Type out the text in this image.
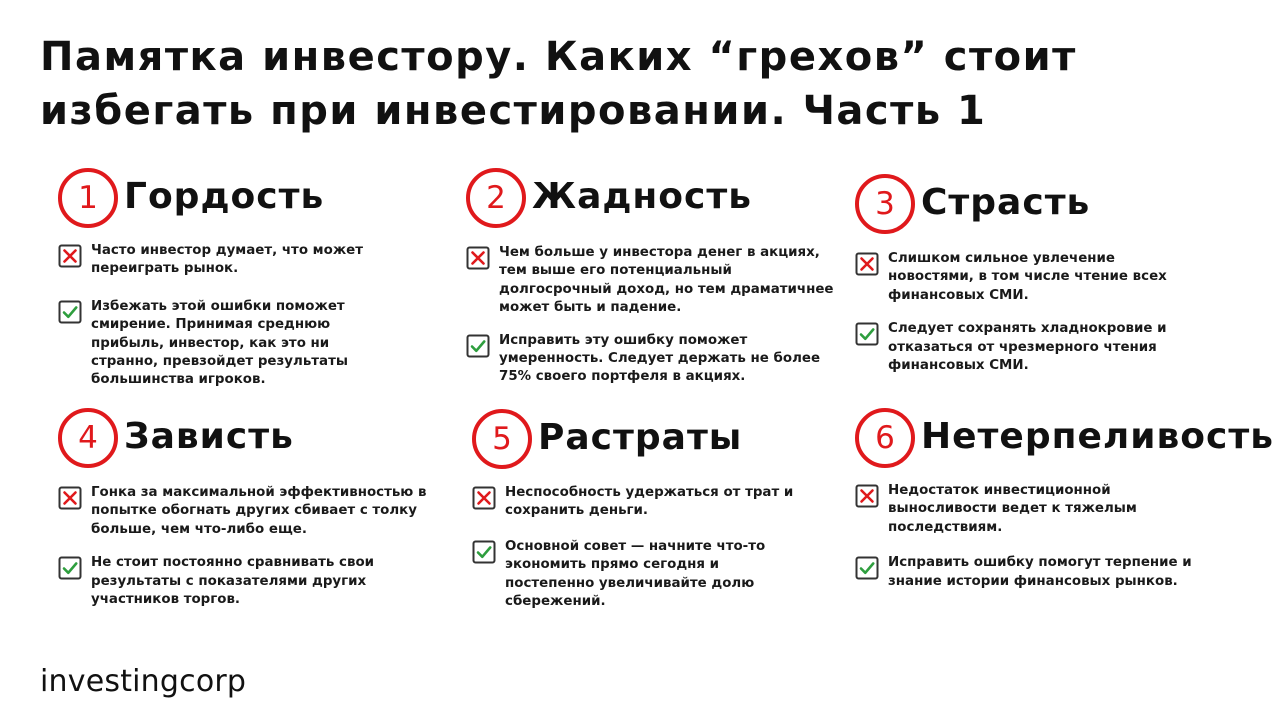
Памятка инвестору. Каких “грехов” стоит избегать при инвестировании. Часть 1
1 Гордость
Часто инвестор думает, что может переиграть рынок.
Избежать этой ошибки поможет смирение. Принимая среднюю прибыль, инвестор, как это ни странно, превзойдет результаты большинства игроков.
2 Жадность
Чем больше у инвестора денег в акциях, тем выше его потенциальный долгосрочный доход, но тем драматичнее может быть и падение.
Исправить эту ошибку поможет умеренность. Следует держать не более 75% своего портфеля в акциях.
3 Страсть
Слишком сильное увлечение новостями, в том числе чтение всех финансовых СМИ.
Следует сохранять хладнокровие и отказаться от чрезмерного чтения финансовых СМИ.
4 Зависть
Гонка за максимальной эффективностью в попытке обогнать других сбивает с толку больше, чем что-либо еще.
Не стоит постоянно сравнивать свои результаты с показателями других участников торгов.
5 Растраты
Неспособность удержаться от трат и сохранить деньги.
Основной совет — начните что-то экономить прямо сегодня и постепенно увеличивайте долю сбережений.
6 Нетерпеливость
Недостаток инвестиционной выносливости ведет к тяжелым последствиям.
Исправить ошибку помогут терпение и знание истории финансовых рынков.
investingcorp
